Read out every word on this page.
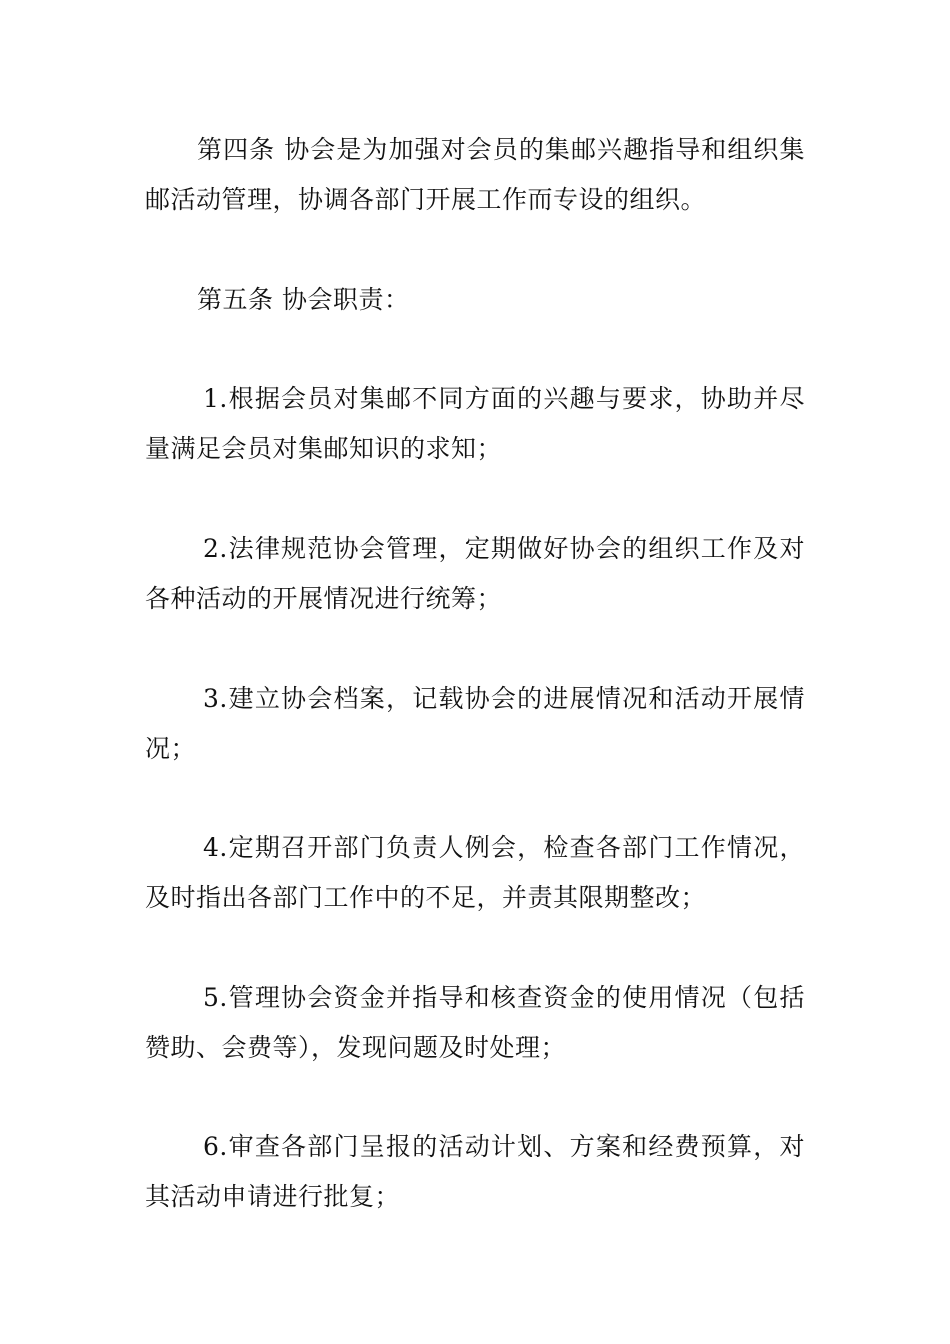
第四条 协会是为加强对会员的集邮兴趣指导和组织集邮活动管理，协调各部门开展工作而专设的组织。

第五条 协会职责：

1.根据会员对集邮不同方面的兴趣与要求，协助并尽量满足会员对集邮知识的求知；

2.法律规范协会管理，定期做好协会的组织工作及对各种活动的开展情况进行统筹；

3.建立协会档案，记载协会的进展情况和活动开展情况；

4.定期召开部门负责人例会，检查各部门工作情况，及时指出各部门工作中的不足，并责其限期整改；

5.管理协会资金并指导和核查资金的使用情况（包括赞助、会费等），发现问题及时处理；

6.审查各部门呈报的活动计划、方案和经费预算，对其活动申请进行批复；
